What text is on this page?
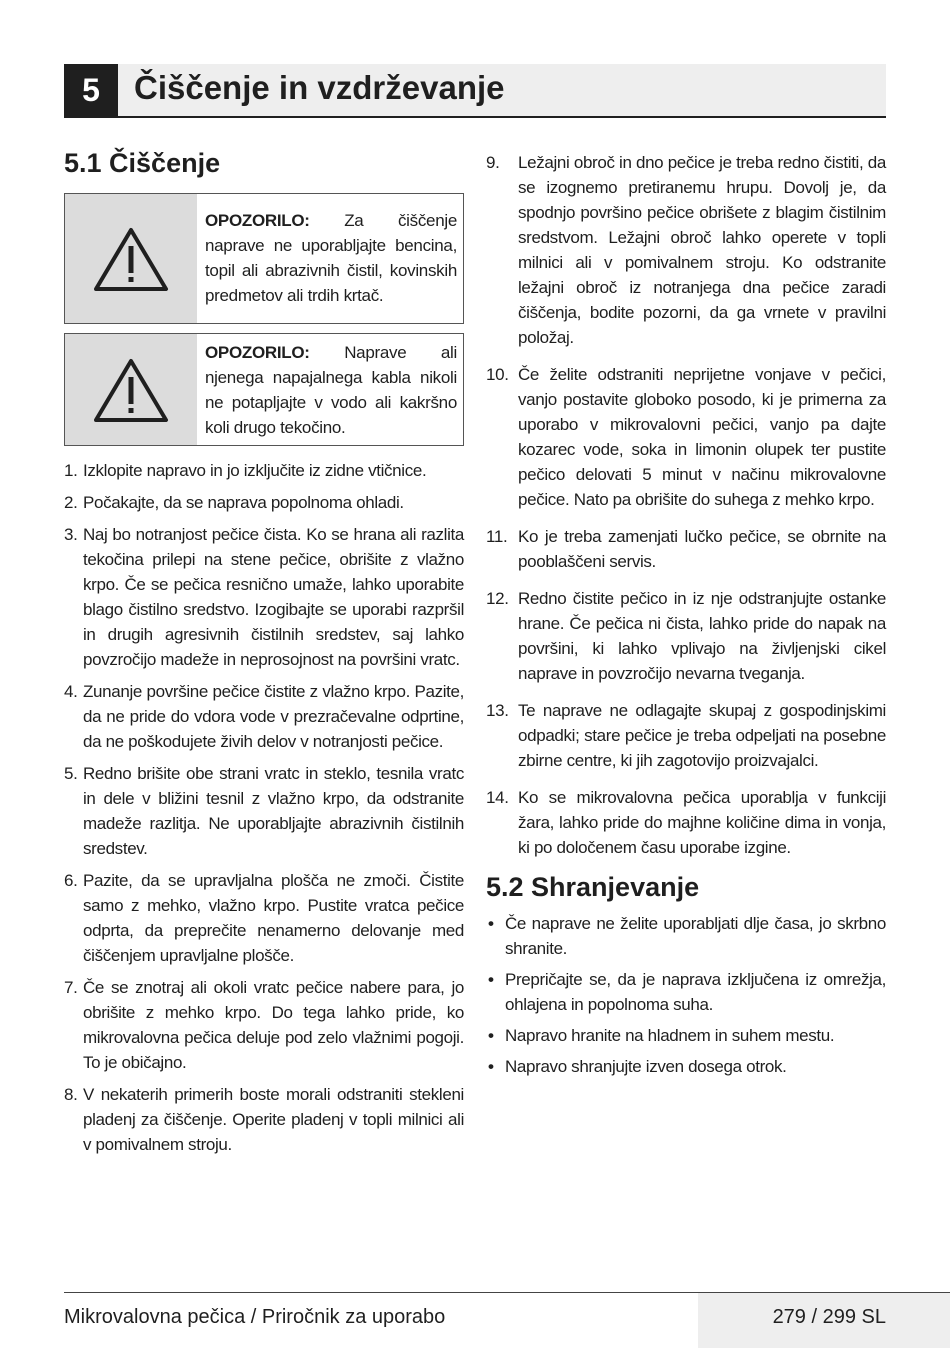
5	Čiščenje in vzdrževanje
5.1 Čiščenje
OPOZORILO: Za čiščenje naprave ne uporabljajte bencina, topil ali abrazivnih čistil, kovinskih predmetov ali trdih krtač.
OPOZORILO: Naprave ali njenega napajalnega kabla nikoli ne potapljajte v vodo ali kakršno koli drugo tekočino.
1. Izklopite napravo in jo izključite iz zidne vtičnice.
2. Počakajte, da se naprava popolnoma ohladi.
3. Naj bo notranjost pečice čista. Ko se hrana ali razlita tekočina prilepi na stene pečice, obrišite z vlažno krpo. Če se pečica resnično umaže, lahko uporabite blago čistilno sredstvo. Izogibajte se uporabi razpršil in drugih agresivnih čistilnih sredstev, saj lahko povzročijo madeže in neprosojnost na površini vratc.
4. Zunanje površine pečice čistite z vlažno krpo. Pazite, da ne pride do vdora vode v prezračevalne odprtine, da ne poškodujete živih delov v notranjosti pečice.
5. Redno brišite obe strani vratc in steklo, tesnila vratc in dele v bližini tesnil z vlažno krpo, da odstranite madeže razlitja. Ne uporabljajte abrazivnih čistilnih sredstev.
6. Pazite, da se upravljalna plošča ne zmoči. Čistite samo z mehko, vlažno krpo. Pustite vratca pečice odprta, da preprečite nenamerno delovanje med čiščenjem upravljalne plošče.
7. Če se znotraj ali okoli vratc pečice nabere para, jo obrišite z mehko krpo. Do tega lahko pride, ko mikrovalovna pečica deluje pod zelo vlažnimi pogoji. To je običajno.
8. V nekaterih primerih boste morali odstraniti stekleni pladenj za čiščenje. Operite pladenj v topli milnici ali v pomivalnem stroju.
9. Ležajni obroč in dno pečice je treba redno čistiti, da se izognemo pretiranemu hrupu. Dovolj je, da spodnjo površino pečice obrišete z blagim čistilnim sredstvom. Ležajni obroč lahko operete v topli milnici ali v pomivalnem stroju. Ko odstranite ležajni obroč iz notranjega dna pečice zaradi čiščenja, bodite pozorni, da ga vrnete v pravilni položaj.
10. Če želite odstraniti neprijetne vonjave v pečici, vanjo postavite globoko posodo, ki je primerna za uporabo v mikrovalovni pečici, vanjo pa dajte kozarec vode, soka in limonin olupek ter pustite pečico delovati 5 minut v načinu mikrovalovne pečice. Nato pa obrišite do suhega z mehko krpo.
11. Ko je treba zamenjati lučko pečice, se obrnite na pooblaščeni servis.
12. Redno čistite pečico in iz nje odstranjujte ostanke hrane. Če pečica ni čista, lahko pride do napak na površini, ki lahko vplivajo na življenjski cikel naprave in povzročijo nevarna tveganja.
13. Te naprave ne odlagajte skupaj z gospodinjskimi odpadki; stare pečice je treba odpeljati na posebne zbirne centre, ki jih zagotovijo proizvajalci.
14. Ko se mikrovalovna pečica uporablja v funkciji žara, lahko pride do majhne količine dima in vonja, ki po določenem času uporabe izgine.
5.2 Shranjevanje
• Če naprave ne želite uporabljati dlje časa, jo skrbno shranite.
• Prepričajte se, da je naprava izključena iz omrežja, ohlajena in popolnoma suha.
• Napravo hranite na hladnem in suhem mestu.
• Napravo shranjujte izven dosega otrok.
Mikrovalovna pečica / Priročnik za uporabo	279 / 299 SL
